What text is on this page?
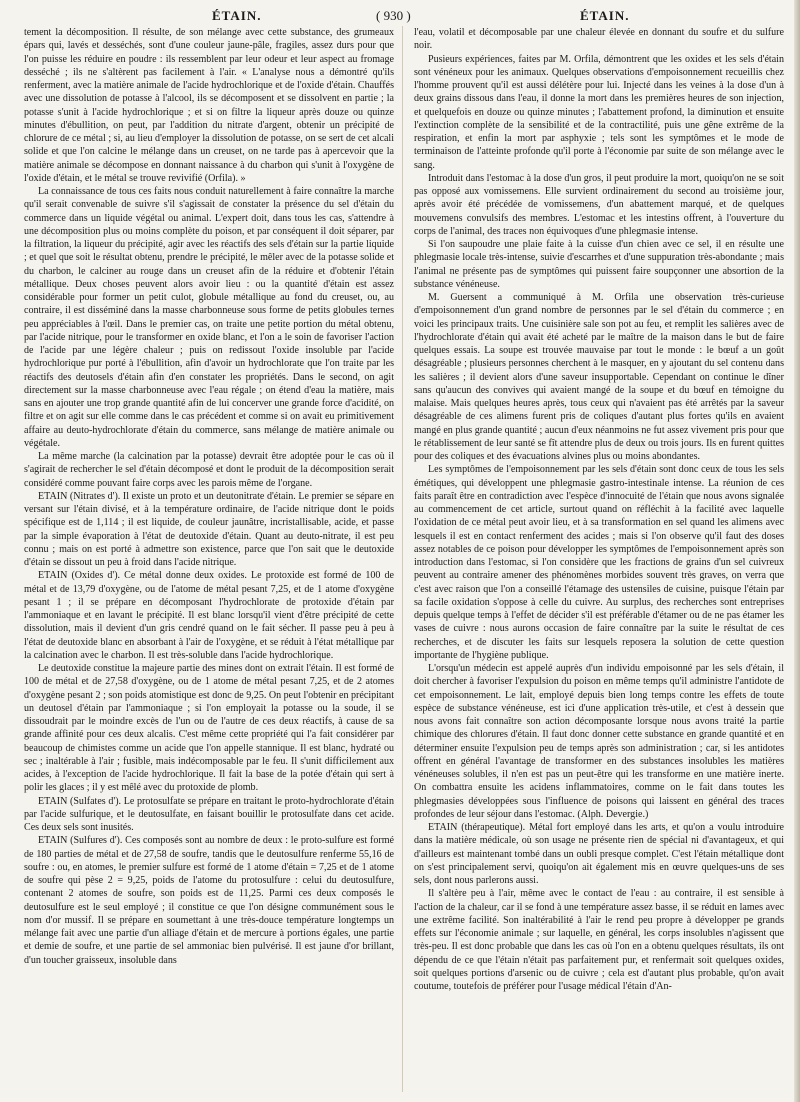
ÉTAIN.	( 930 )	ÉTAIN.

tement la décomposition. Il résulte, de son mélange avec cette substance, des grumeaux épars qui, lavés et desséchés, sont d'une couleur jaune-pâle, fragiles, assez durs pour que l'on puisse les réduire en poudre : ils ressemblent par leur odeur et leur aspect au fromage desséché ; ils ne s'altèrent pas facilement à l'air. « L'analyse nous a démontré qu'ils renferment, avec la matière animale de l'acide hydrochlorique et de l'oxide d'étain. Chauffés avec une dissolution de potasse à l'alcool, ils se décomposent et se dissolvent en partie ; la potasse s'unit à l'acide hydrochlorique ; et si on filtre la liqueur après douze ou quinze minutes d'ébullition, on peut, par l'addition du nitrate d'argent, obtenir un précipité de chlorure de ce métal ; si, au lieu d'employer la dissolution de potasse, on se sert de cet alcali solide et que l'on calcine le mélange dans un creuset, on ne tarde pas à apercevoir que la matière animale se décompose en donnant naissance à du charbon qui s'unit à l'oxygène de l'oxide d'étain, et le métal se trouve revivifié (Orfila). »

La connaissance de tous ces faits nous conduit naturellement à faire connaître la marche qu'il serait convenable de suivre s'il s'agissait de constater la présence du sel d'étain du commerce dans un liquide végétal ou animal. L'expert doit, dans tous les cas, s'attendre à une décomposition plus ou moins complète du poison, et par conséquent il doit séparer, par la filtration, la liqueur du précipité, agir avec les réactifs des sels d'étain sur la partie liquide ; et quel que soit le résultat obtenu, prendre le précipité, le mêler avec de la potasse solide et du charbon, le calciner au rouge dans un creuset afin de la réduire et d'obtenir l'étain métallique. Deux choses peuvent alors avoir lieu : ou la quantité d'étain est assez considérable pour former un petit culot, globule métallique au fond du creuset, ou, au contraire, il est disséminé dans la masse charbonneuse sous forme de petits globules ternes peu appréciables à l'œil. Dans le premier cas, on traite une petite portion du métal obtenu, par l'acide nitrique, pour le transformer en oxide blanc, et l'on a le soin de favoriser l'action de l'acide par une légère chaleur ; puis on redissout l'oxide insoluble par l'acide hydrochlorique pur porté à l'ébullition, afin d'avoir un hydrochlorate que l'on traite par les réactifs des deutosels d'étain afin d'en constater les propriétés. Dans le second, on agit directement sur la masse charbonneuse avec l'eau régale ; on étend d'eau la matière, mais sans en ajouter une trop grande quantité afin de lui concerver une grande force d'acidité, on filtre et on agit sur elle comme dans le cas précédent et comme si on avait eu primitivement affaire au deuto-hydrochlorate d'étain du commerce, sans mélange de matière animale ou végétale.

La même marche (la calcination par la potasse) devrait être adoptée pour le cas où il s'agirait de rechercher le sel d'étain décomposé et dont le produit de la décomposition serait considéré comme pouvant faire corps avec les parois même de l'organe.

ETAIN (Nitrates d'). Il existe un proto et un deutonitrate d'étain. Le premier se sépare en versant sur l'étain divisé, et à la température ordinaire, de l'acide nitrique dont le poids spécifique est de 1,114 ; il est liquide, de couleur jaunâtre, incristallisable, acide, et passe par la simple évaporation à l'état de deutoxide d'étain. Quant au deuto-nitrate, il est peu connu ; mais on est porté à admettre son existence, parce que l'on sait que le deutoxide d'étain se dissout un peu à froid dans l'acide nitrique.

ETAIN (Oxides d'). Ce métal donne deux oxides. Le protoxide est formé de 100 de métal et de 13,79 d'oxygène, ou de l'atome de métal pesant 7,25, et de 1 atome d'oxygène pesant 1 ; il se prépare en décomposant l'hydrochlorate de protoxide d'étain par l'ammoniaque et en lavant le précipité. Il est blanc lorsqu'il vient d'être précipité de cette dissolution, mais il devient d'un gris cendré quand on le fait sécher. Il passe peu à peu à l'état de deutoxide blanc en absorbant à l'air de l'oxygène, et se réduit à l'état métallique par la calcination avec le charbon. Il est très-soluble dans l'acide hydrochlorique.

Le deutoxide constitue la majeure partie des mines dont on extrait l'étain. Il est formé de 100 de métal et de 27,58 d'oxygène, ou de 1 atome de métal pesant 7,25, et de 2 atomes d'oxygène pesant 2 ; son poids atomistique est donc de 9,25. On peut l'obtenir en précipitant un deutosel d'étain par l'ammoniaque ; si l'on employait la potasse ou la soude, il se dissoudrait par le moindre excès de l'un ou de l'autre de ces deux réactifs, à cause de sa grande affinité pour ces deux alcalis. C'est même cette propriété qui l'a fait considérer par beaucoup de chimistes comme un acide que l'on appelle stannique. Il est blanc, hydraté ou sec ; inaltérable à l'air ; fusible, mais indécomposable par le feu. Il s'unit difficilement aux acides, à l'exception de l'acide hydrochlorique. Il fait la base de la potée d'étain qui sert à polir les glaces ; il y est mêlé avec du protoxide de plomb.

ETAIN (Sulfates d'). Le protosulfate se prépare en traitant le proto-hydrochlorate d'étain par l'acide sulfurique, et le deutosulfate, en faisant bouillir le protosulfate dans cet acide. Ces deux sels sont inusités.

ETAIN (Sulfures d'). Ces composés sont au nombre de deux : le proto-sulfure est formé de 180 parties de métal et de 27,58 de soufre, tandis que le deutosulfure renferme 55,16 de soufre : ou, en atomes, le premier sulfure est formé de 1 atome d'étain = 7,25 et de 1 atome de soufre qui pèse 2 = 9,25, poids de l'atome du protosulfure : celui du deutosulfure, contenant 2 atomes de soufre, son poids est de 11,25. Parmi ces deux composés le deutosulfure est le seul employé ; il constitue ce que l'on désigne communément sous le nom d'or mussif. Il se prépare en soumettant à une très-douce température longtemps un mélange fait avec une partie d'un alliage d'étain et de mercure à portions égales, une partie et demie de soufre, et une partie de sel ammoniac bien pulvérisé. Il est jaune d'or brillant, d'un toucher graisseux, insoluble dans

l'eau, volatil et décomposable par une chaleur élevée en donnant du soufre et du sulfure noir.

Pusieurs expériences, faites par M. Orfila, démontrent que les oxides et les sels d'étain sont vénéneux pour les animaux. Quelques observations d'empoisonnement recueillis chez l'homme prouvent qu'il est aussi délétère pour lui. Injecté dans les veines à la dose d'un à deux grains dissous dans l'eau, il donne la mort dans les premières heures de son injection, et quelquefois en douze ou quinze minutes ; l'abattement profond, la diminution et ensuite l'extinction complète de la sensibilité et de la contractilité, puis une gêne extrême de la respiration, et enfin la mort par asphyxie ; tels sont les symptômes et le mode de terminaison de l'atteinte profonde qu'il porte à l'économie par suite de son mélange avec le sang.

Introduit dans l'estomac à la dose d'un gros, il peut produire la mort, quoiqu'on ne se soit pas opposé aux vomissemens. Elle survient ordinairement du second au troisième jour, après avoir été précédée de vomissemens, d'un abattement marqué, et de quelques mouvemens convulsifs des membres. L'estomac et les intestins offrent, à l'ouverture du corps de l'animal, des traces non équivoques d'une phlegmasie intense.

Si l'on saupoudre une plaie faite à la cuisse d'un chien avec ce sel, il en résulte une phlegmasie locale très-intense, suivie d'escarrhes et d'une suppuration très-abondante ; mais l'animal ne présente pas de symptômes qui puissent faire soupçonner une absortion de la substance vénéneuse.

M. Guersent a communiqué à M. Orfila une observation très-curieuse d'empoisonnement d'un grand nombre de personnes par le sel d'étain du commerce ; en voici les principaux traits. Une cuisinière sale son pot au feu, et remplit les salières avec de l'hydrochlorate d'étain qui avait été acheté par le maître de la maison dans le but de faire quelques essais. La soupe est trouvée mauvaise par tout le monde : le bœuf a un goût désagréable ; plusieurs personnes cherchent à le masquer, en y ajoutant du sel contenu dans les salières ; il devient alors d'une saveur insupportable. Cependant on continue le dîner sans qu'aucun des convives qui avaient mangé de la soupe et du bœuf en témoigne du malaise. Mais quelques heures après, tous ceux qui n'avaient pas été arrêtés par la saveur désagréable de ces alimens furent pris de coliques d'autant plus fortes qu'ils en avaient mangé en plus grande quantité ; aucun d'eux néanmoins ne fut assez vivement pris pour que le rétablissement de leur santé se fît attendre plus de deux ou trois jours. Ils en furent quittes pour des coliques et des évacuations alvines plus ou moins abondantes.

Les symptômes de l'empoisonnement par les sels d'étain sont donc ceux de tous les sels émétiques, qui développent une phlegmasie gastro-intestinale intense. La réunion de ces faits paraît être en contradiction avec l'espèce d'innocuité de l'étain que nous avons signalée au commencement de cet article, surtout quand on réfléchit à la facilité avec laquelle l'oxidation de ce métal peut avoir lieu, et à sa transformation en sel quand les alimens avec lesquels il est en contact renferment des acides ; mais si l'on observe qu'il faut des doses assez notables de ce poison pour développer les symptômes de l'empoisonnement après son introduction dans l'estomac, si l'on considère que les fractions de grains d'un sel cuivreux peuvent au contraire amener des phénomènes morbides souvent très graves, on verra que c'est avec raison que l'on a conseillé l'étamage des ustensiles de cuisine, puisque l'étain par sa facile oxidation s'oppose à celle du cuivre. Au surplus, des recherches sont entreprises depuis quelque temps à l'effet de décider s'il est préférable d'étamer ou de ne pas étamer les vases de cuivre : nous aurons occasion de faire connaître par la suite le résultat de ces recherches, et de discuter les faits sur lesquels reposera la solution de cette question importante de l'hygiène publique.

L'orsqu'un médecin est appelé auprès d'un individu empoisonné par les sels d'étain, il doit chercher à favoriser l'expulsion du poison en même temps qu'il administre l'antidote de cet empoisonnement. Le lait, employé depuis bien long temps contre les effets de toute espèce de substance vénéneuse, est ici d'une application très-utile, et c'est à dessein que nous avons fait connaître son action décomposante lorsque nous avons traité la partie chimique des chlorures d'étain. Il faut donc donner cette substance en grande quantité et en déterminer ensuite l'expulsion peu de temps après son administration ; car, si les antidotes offrent en général l'avantage de transformer en des substances insolubles les matières vénéneuses solubles, il n'en est pas un peut-être qui les transforme en une matière inerte. On combattra ensuite les acidens inflammatoires, comme on le fait dans toutes les phlegmasies développées sous l'influence de poisons qui laissent en général des traces profondes de leur séjour dans l'estomac. (Alph. Devergie.)

ETAIN (thérapeutique). Métal fort employé dans les arts, et qu'on a voulu introduire dans la matière médicale, où son usage ne présente rien de spécial ni d'avantageux, et qui d'ailleurs est maintenant tombé dans un oubli presque complet. C'est l'étain métallique dont on s'est principalement servi, quoiqu'on ait également mis en œuvre quelques-uns de ses sels, dont nous parlerons aussi.

Il s'altère peu à l'air, même avec le contact de l'eau : au contraire, il est sensible à l'action de la chaleur, car il se fond à une température assez basse, il se réduit en lames avec une extrême facilité. Son inaltérabilité à l'air le rend peu propre à développer pe grands effets sur l'économie animale ; sur laquelle, en général, les corps insolubles n'agissent que très-peu. Il est donc probable que dans les cas où l'on en a obtenu quelques résultats, ils ont dépendu de ce que l'étain n'était pas parfaitement pur, et renfermait soit quelques oxides, soit quelques portions d'arsenic ou de cuivre ; cela est d'autant plus probable, qu'on avait coutume, toutefois de préférer pour l'usage médical l'étain d'An-
